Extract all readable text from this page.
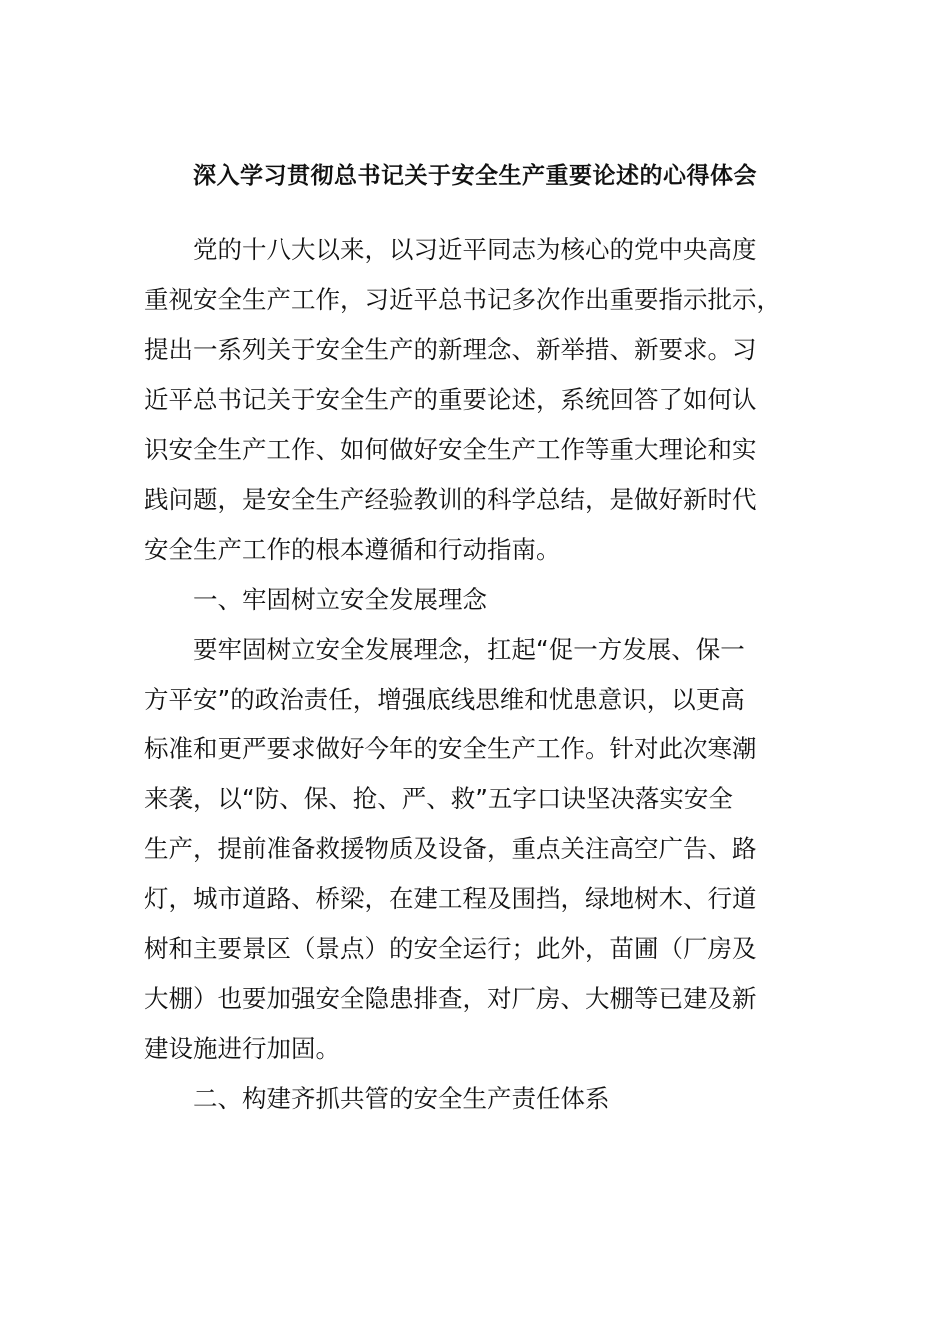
深入学习贯彻总书记关于安全生产重要论述的心得体会

党的十八大以来，以习近平同志为核心的党中央高度

重视安全生产工作，习近平总书记多次作出重要指示批示，

提出一系列关于安全生产的新理念、新举措、新要求。习

近平总书记关于安全生产的重要论述，系统回答了如何认

识安全生产工作、如何做好安全生产工作等重大理论和实

践问题，是安全生产经验教训的科学总结，是做好新时代

安全生产工作的根本遵循和行动指南。

一、牢固树立安全发展理念

要牢固树立安全发展理念，扛起“促一方发展、保一

方平安”的政治责任，增强底线思维和忧患意识，以更高

标准和更严要求做好今年的安全生产工作。针对此次寒潮

来袭，以“防、保、抢、严、救”五字口诀坚决落实安全

生产，提前准备救援物质及设备，重点关注高空广告、路

灯，城市道路、桥梁，在建工程及围挡，绿地树木、行道

树和主要景区（景点）的安全运行；此外，苗圃（厂房及

大棚）也要加强安全隐患排查，对厂房、大棚等已建及新

建设施进行加固。

二、构建齐抓共管的安全生产责任体系
